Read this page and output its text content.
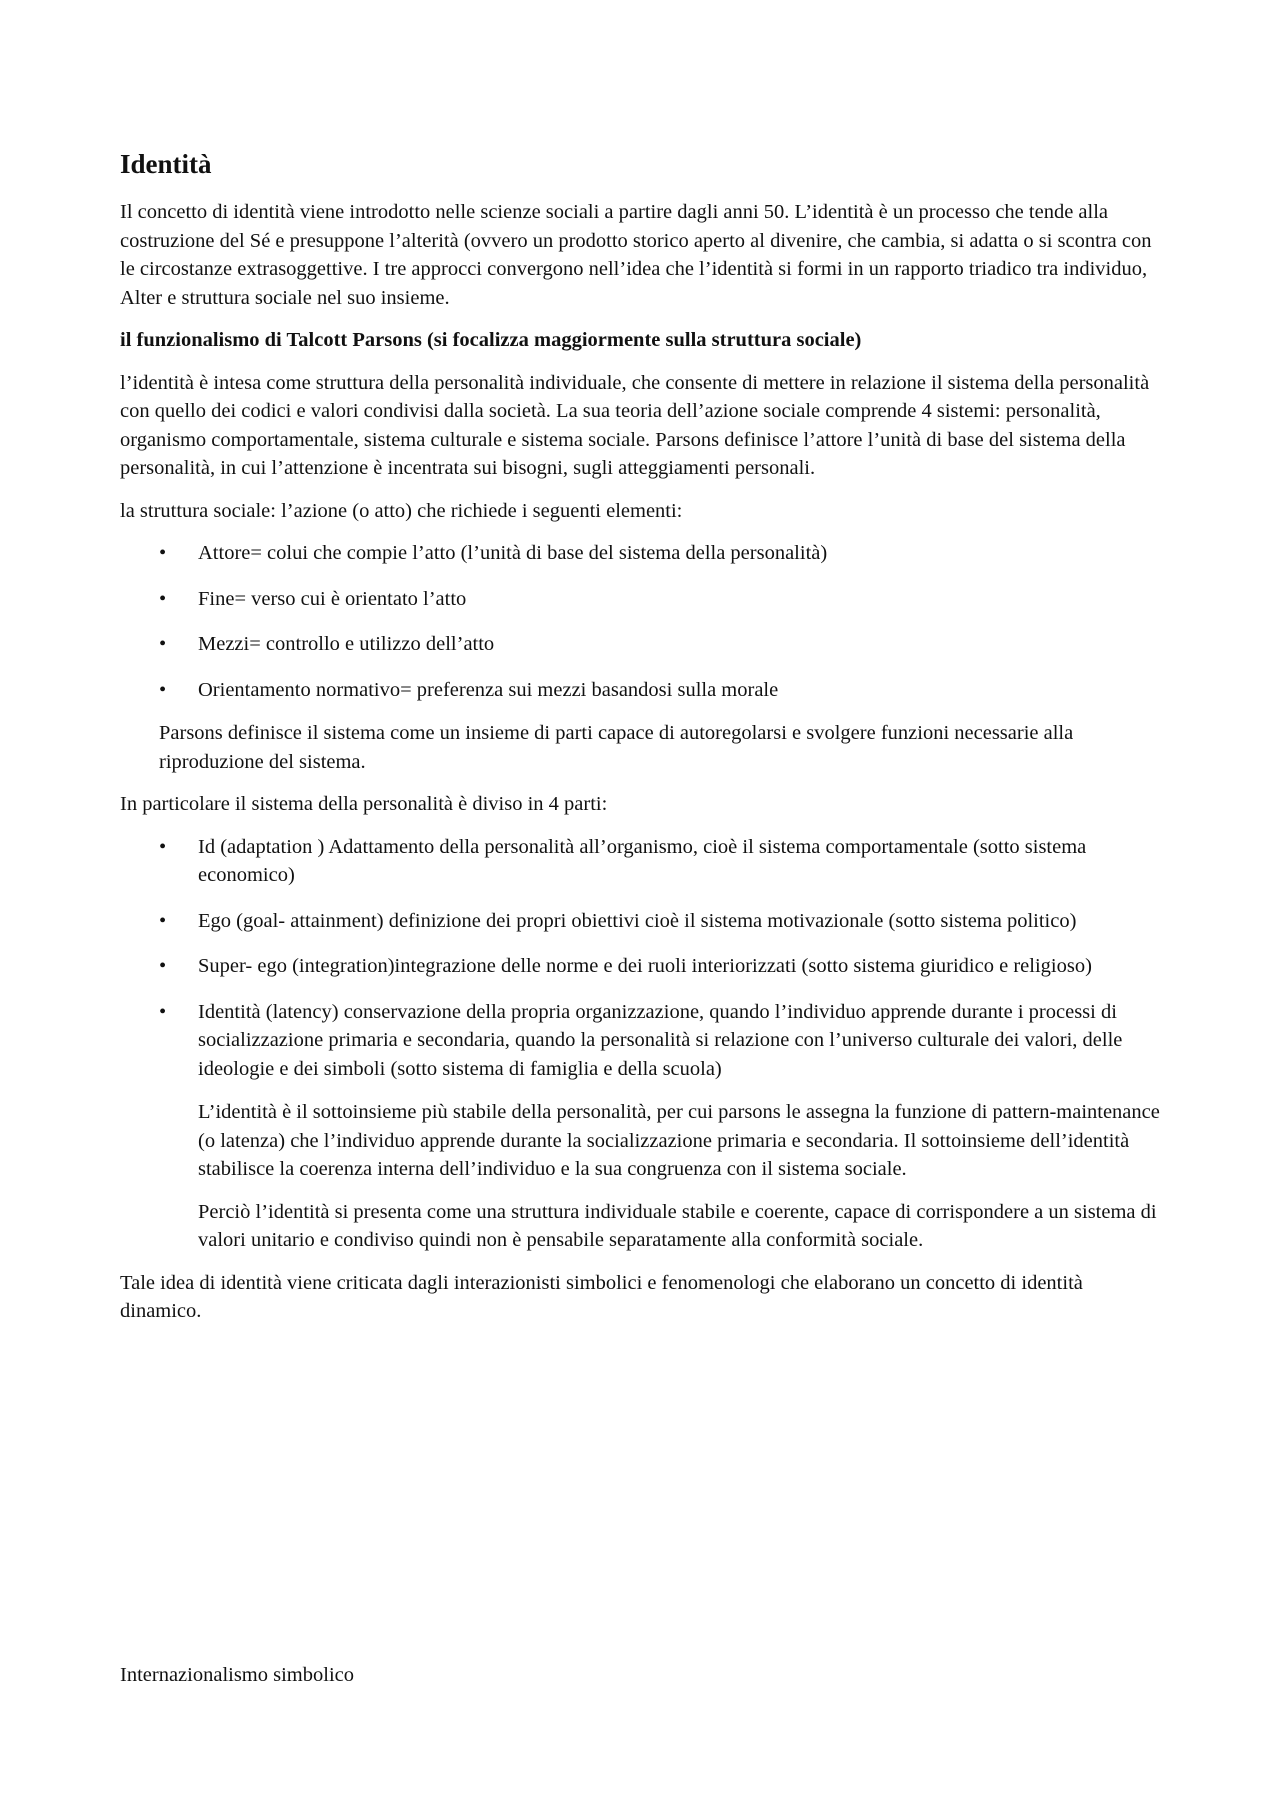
Identità

Il concetto di identità viene introdotto nelle scienze sociali a partire dagli anni 50. L’identità è un processo che tende alla costruzione del Sé e presuppone l’alterità (ovvero un prodotto storico aperto al divenire, che cambia, si adatta o si scontra con le circostanze extrasoggettive. I tre approcci convergono nell’idea che l’identità si formi in un rapporto triadico tra individuo, Alter e struttura sociale nel suo insieme.

il funzionalismo di Talcott Parsons (si focalizza maggiormente sulla struttura sociale)

l’identità è intesa come struttura della personalità individuale, che consente di mettere in relazione il sistema della personalità con quello dei codici e valori condivisi dalla società. La sua teoria dell’azione sociale comprende 4 sistemi: personalità, organismo comportamentale, sistema culturale e sistema sociale. Parsons definisce l’attore l’unità di base del sistema della personalità, in cui l’attenzione è incentrata sui bisogni, sugli atteggiamenti personali.

la struttura sociale: l’azione (o atto) che richiede i seguenti elementi:

• Attore= colui che compie l’atto (l’unità di base del sistema della personalità)
• Fine= verso cui è orientato l’atto
• Mezzi= controllo e utilizzo dell’atto
• Orientamento normativo= preferenza sui mezzi basandosi sulla morale

Parsons definisce il sistema come un insieme di parti capace di autoregolarsi e svolgere funzioni necessarie alla riproduzione del sistema.

In particolare il sistema della personalità è diviso in 4 parti:

• Id (adaptation ) Adattamento della personalità all’organismo, cioè il sistema comportamentale (sotto sistema economico)
• Ego (goal- attainment) definizione dei propri obiettivi cioè il sistema motivazionale (sotto sistema politico)
• Super- ego (integration)integrazione delle norme e dei ruoli interiorizzati (sotto sistema giuridico e religioso)
• Identità (latency) conservazione della propria organizzazione, quando l’individuo apprende durante i processi di socializzazione primaria e secondaria, quando la personalità si relazione con l’universo culturale dei valori, delle ideologie e dei simboli (sotto sistema di famiglia e della scuola)

L’identità è il sottoinsieme più stabile della personalità, per cui parsons le assegna la funzione di pattern-maintenance (o latenza) che l’individuo apprende durante la socializzazione primaria e secondaria. Il sottoinsieme dell’identità stabilisce la coerenza interna dell’individuo e la sua congruenza con il sistema sociale.

Perciò l’identità si presenta come una struttura individuale stabile e coerente, capace di corrispondere a un sistema di valori unitario e condiviso quindi non è pensabile separatamente alla conformità sociale.

Tale idea di identità viene criticata dagli interazionisti simbolici e fenomenologi che elaborano un concetto di identità dinamico.

Internazionalismo simbolico
